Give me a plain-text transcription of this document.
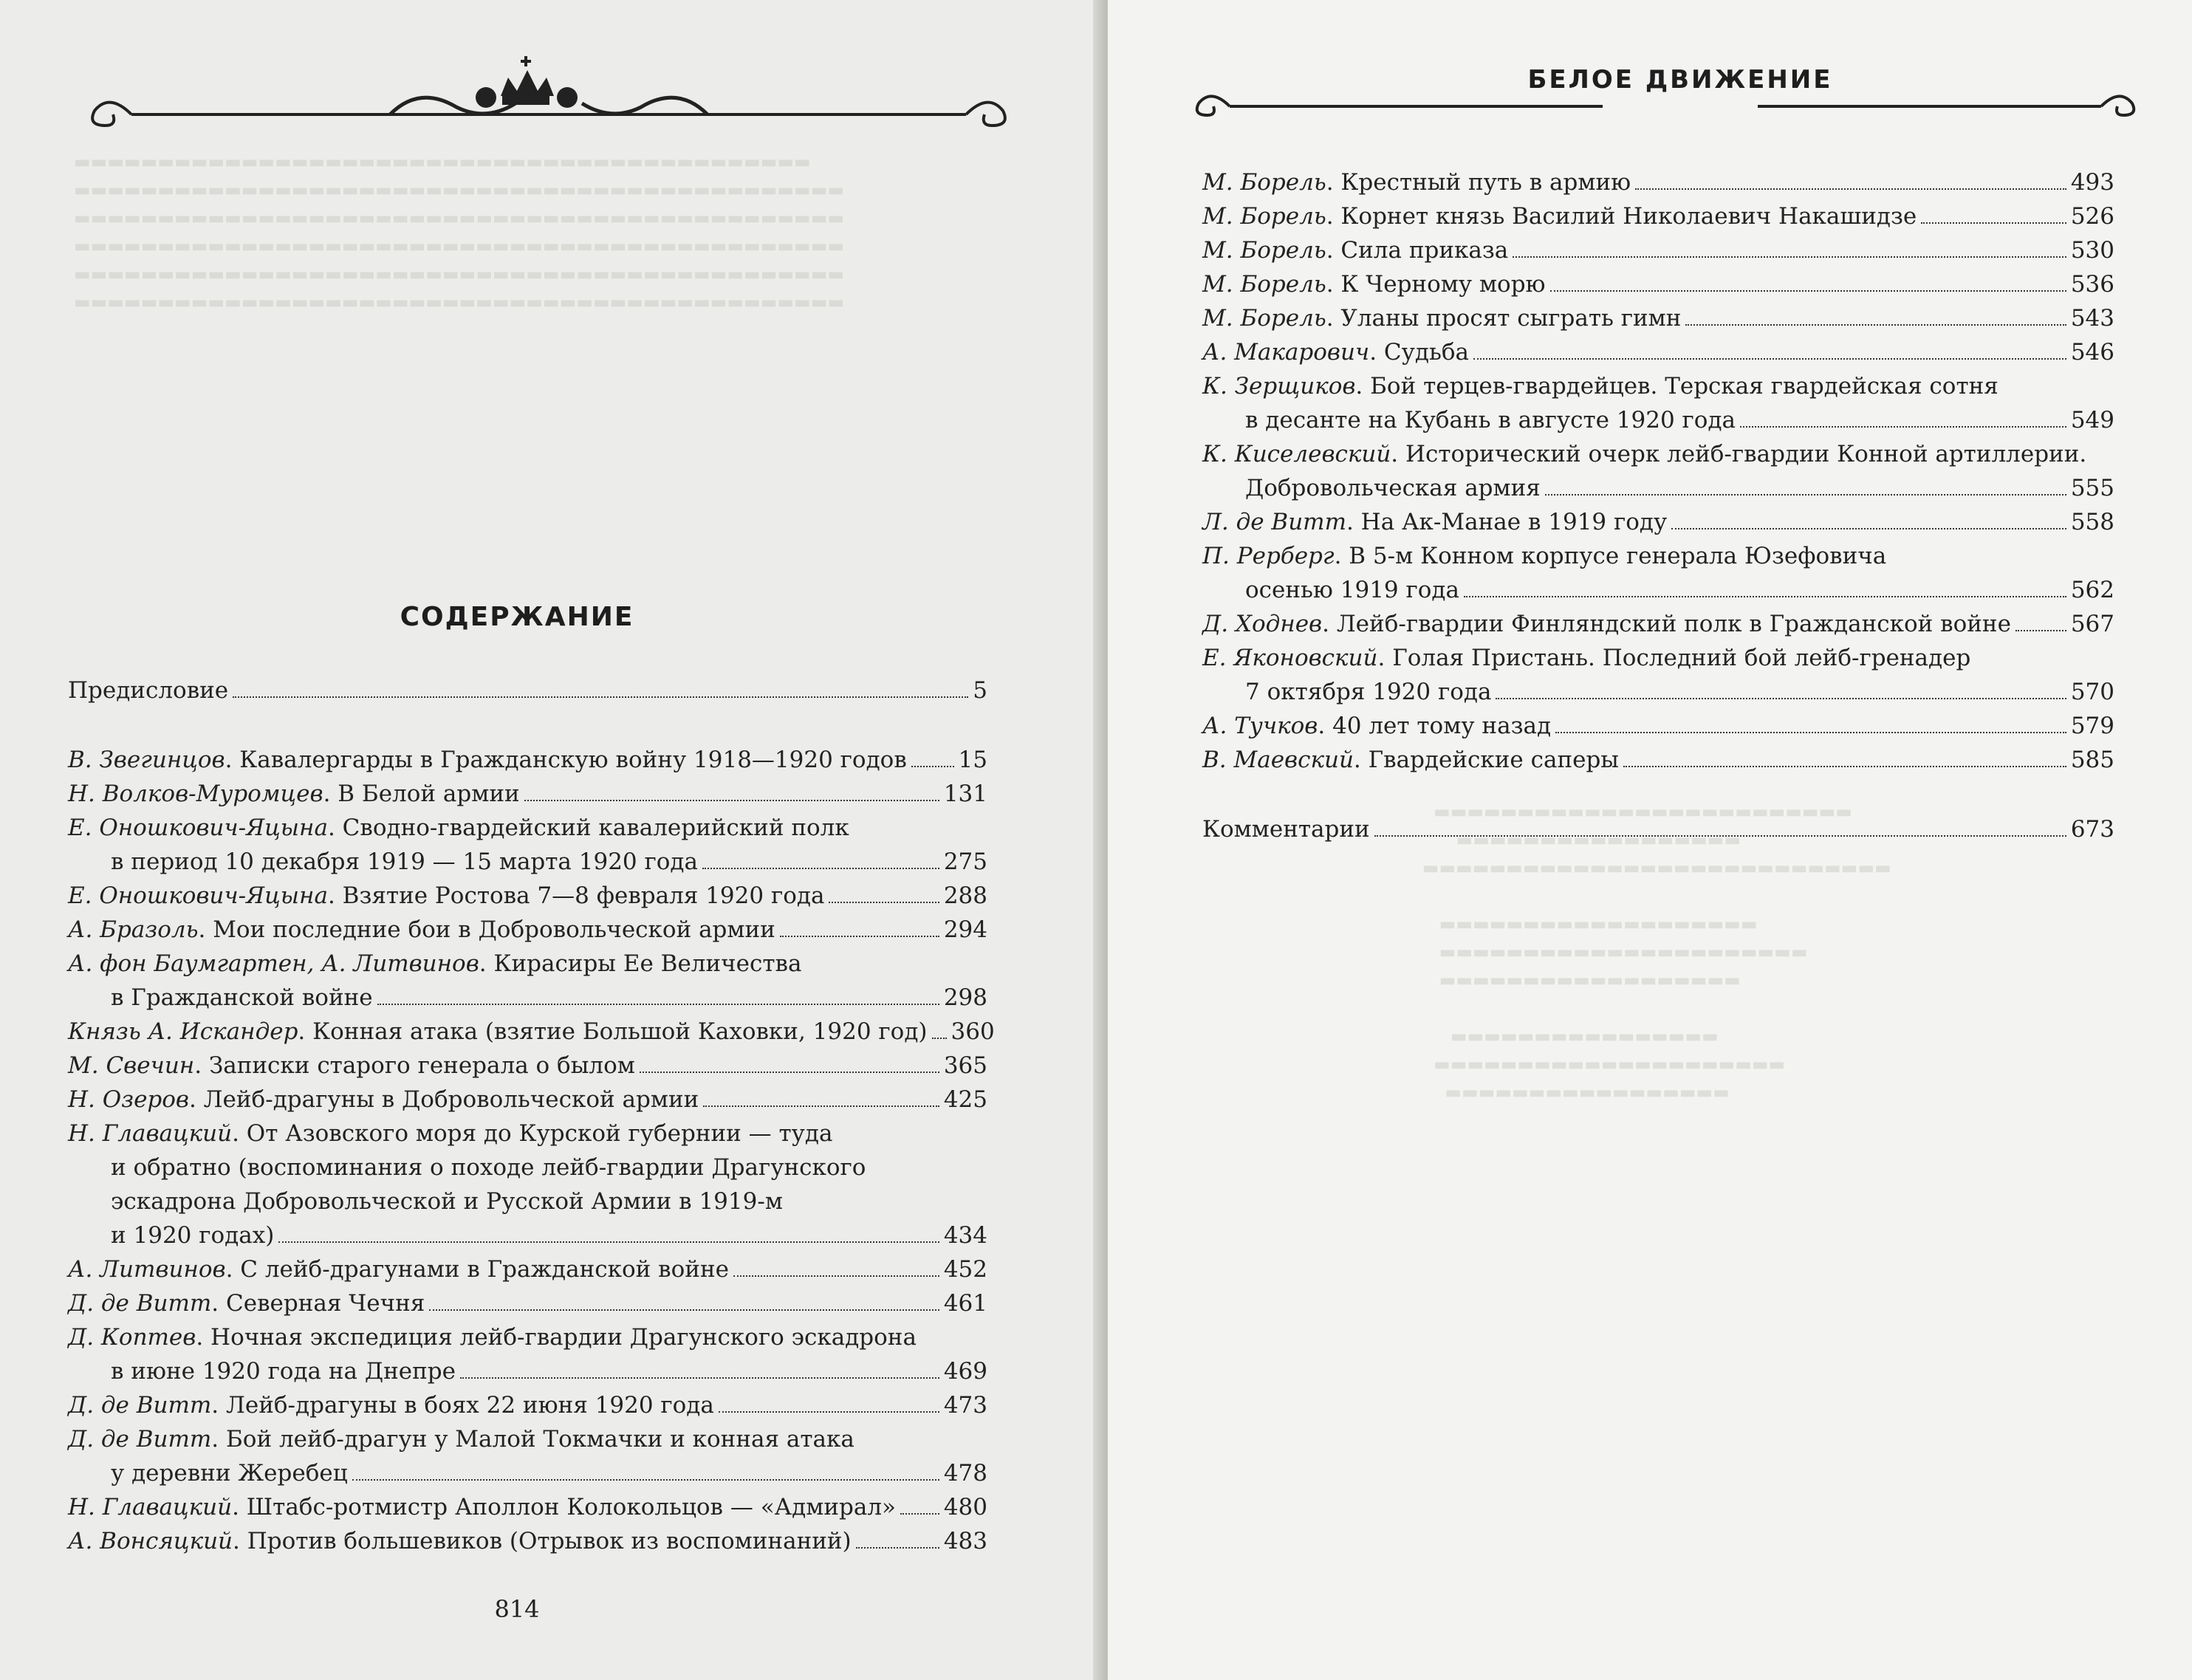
▬▬▬▬▬▬▬▬▬▬▬▬▬▬▬▬▬▬▬▬▬▬▬▬▬▬▬▬▬▬▬▬▬▬▬▬▬▬▬▬▬▬▬▬
▬▬▬▬▬▬▬▬▬▬▬▬▬▬▬▬▬▬▬▬▬▬▬▬▬▬▬▬▬▬▬▬▬▬▬▬▬▬▬▬▬▬▬▬▬▬
▬▬▬▬▬▬▬▬▬▬▬▬▬▬▬▬▬▬▬▬▬▬▬▬▬▬▬▬▬▬▬▬▬▬▬▬▬▬▬▬▬▬▬▬▬▬
▬▬▬▬▬▬▬▬▬▬▬▬▬▬▬▬▬▬▬▬▬▬▬▬▬▬▬▬▬▬▬▬▬▬▬▬▬▬▬▬▬▬▬▬▬▬
▬▬▬▬▬▬▬▬▬▬▬▬▬▬▬▬▬▬▬▬▬▬▬▬▬▬▬▬▬▬▬▬▬▬▬▬▬▬▬▬▬▬▬▬▬▬
▬▬▬▬▬▬▬▬▬▬▬▬▬▬▬▬▬▬▬▬▬▬▬▬▬▬▬▬▬▬▬▬▬▬▬▬▬▬▬▬▬▬▬▬▬▬
СОДЕРЖАНИЕ
Предисловие	5
В. Звегинцов. Кавалергарды в Гражданскую войну 1918—1920 годов 15
Н. Волков-Муромцев. В Белой армии	131
Е. Оношкович-Яцына. Сводно-гвардейский кавалерийский полк
в период 10 декабря 1919 — 15 марта 1920 года	275
Е. Оношкович-Яцына. Взятие Ростова 7—8 февраля 1920 года	288
А. Бразоль. Мои последние бои в Добровольческой армии	294
А. фон Баумгартен, А. Литвинов. Кирасиры Ее Величества
в Гражданской войне	298
Князь А. Искандер. Конная атака (взятие Большой Каховки, 1920 год) 360
М. Свечин. Записки старого генерала о былом	365
Н. Озеров. Лейб-драгуны в Добровольческой армии	425
Н. Главацкий. От Азовского моря до Курской губернии — туда
и обратно (воспоминания о походе лейб-гвардии Драгунского
эскадрона Добровольческой и Русской Армии в 1919-м
и 1920 годах)	434
А. Литвинов. С лейб-драгунами в Гражданской войне	452
Д. де Витт. Северная Чечня	461
Д. Коптев. Ночная экспедиция лейб-гвардии Драгунского эскадрона
в июне 1920 года на Днепре	469
Д. де Витт. Лейб-драгуны в боях 22 июня 1920 года	473
Д. де Витт. Бой лейб-драгун у Малой Токмачки и конная атака
у деревни Жеребец	478
Н. Главацкий. Штабс-ротмистр Аполлон Колокольцов — «Адмирал» 480
А. Вонсяцкий. Против большевиков (Отрывок из воспоминаний)	483
814
▬▬▬▬▬▬▬▬▬▬▬▬▬▬▬▬▬▬▬▬▬▬▬▬▬
▬▬▬▬▬▬▬▬▬▬▬▬▬▬▬▬▬
▬▬▬▬▬▬▬▬▬▬▬▬▬▬▬▬▬▬▬▬▬▬▬▬▬▬▬▬

▬▬▬▬▬▬▬▬▬▬▬▬▬▬▬▬▬▬▬
▬▬▬▬▬▬▬▬▬▬▬▬▬▬▬▬▬▬▬▬▬▬
▬▬▬▬▬▬▬▬▬▬▬▬▬▬▬▬▬▬

▬▬▬▬▬▬▬▬▬▬▬▬▬▬▬▬
▬▬▬▬▬▬▬▬▬▬▬▬▬▬▬▬▬▬▬▬▬
▬▬▬▬▬▬▬▬▬▬▬▬▬▬▬▬▬
БЕЛОЕ ДВИЖЕНИЕ
М. Борель. Крестный путь в армию	493
М. Борель. Корнет князь Василий Николаевич Накашидзе	526
М. Борель. Сила приказа	530
М. Борель. К Черному морю	536
М. Борель. Уланы просят сыграть гимн	543
А. Макарович. Судьба	546
К. Зерщиков. Бой терцев-гвардейцев. Терская гвардейская сотня
в десанте на Кубань в августе 1920 года	549
К. Киселевский. Исторический очерк лейб-гвардии Конной артиллерии.
Добровольческая армия	555
Л. де Витт. На Ак-Манае в 1919 году	558
П. Рерберг. В 5-м Конном корпусе генерала Юзефовича
осенью 1919 года	562
Д. Ходнев. Лейб-гвардии Финляндский полк в Гражданской войне	567
Е. Яконовский. Голая Пристань. Последний бой лейб-гренадер
7 октября 1920 года	570
А. Тучков. 40 лет тому назад	579
В. Маевский. Гвардейские саперы	585
Комментарии	673
